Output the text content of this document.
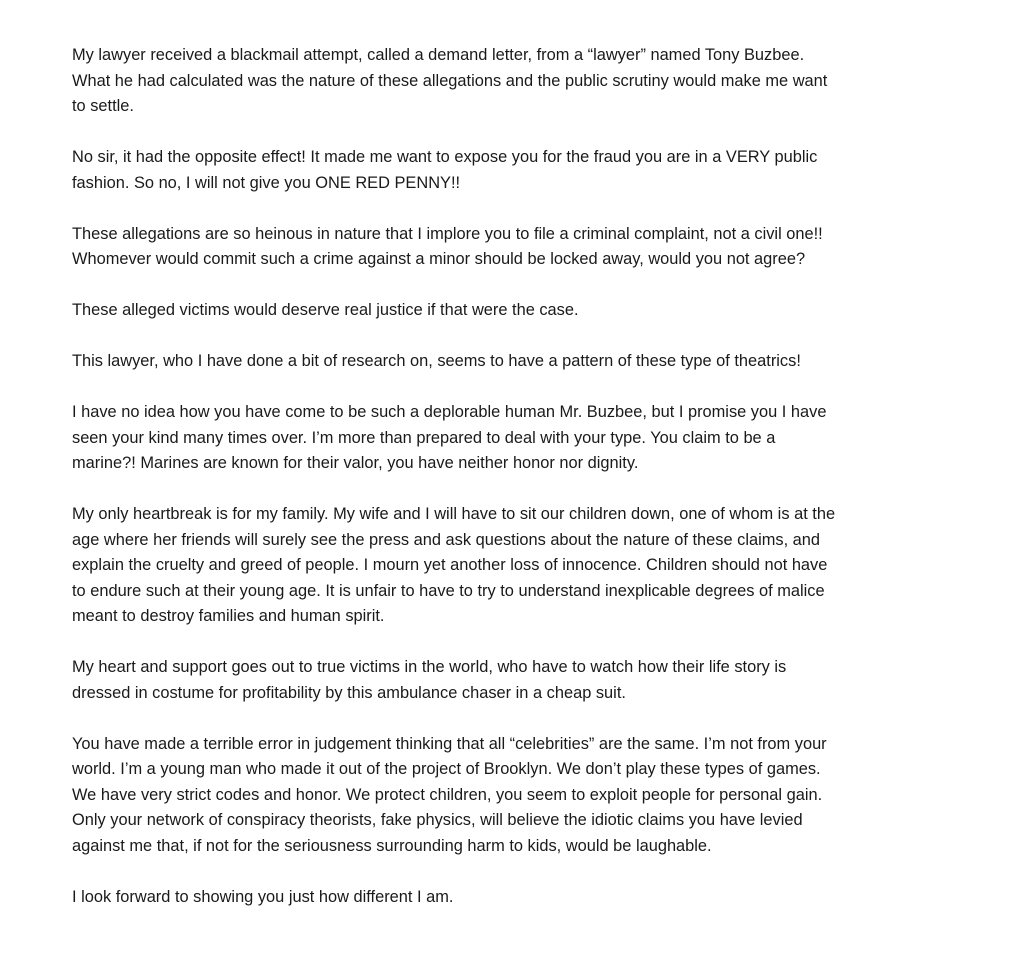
My lawyer received a blackmail attempt, called a demand letter, from a “lawyer” named Tony Buzbee.
What he had calculated was the nature of these allegations and the public scrutiny would make me want
to settle.

No sir, it had the opposite effect! It made me want to expose you for the fraud you are in a VERY public
fashion. So no, I will not give you ONE RED PENNY!!

These allegations are so heinous in nature that I implore you to file a criminal complaint, not a civil one!!
Whomever would commit such a crime against a minor should be locked away, would you not agree?

These alleged victims would deserve real justice if that were the case.

This lawyer, who I have done a bit of research on, seems to have a pattern of these type of theatrics!

I have no idea how you have come to be such a deplorable human Mr. Buzbee, but I promise you I have
seen your kind many times over. I’m more than prepared to deal with your type. You claim to be a
marine?! Marines are known for their valor, you have neither honor nor dignity.

My only heartbreak is for my family. My wife and I will have to sit our children down, one of whom is at the
age where her friends will surely see the press and ask questions about the nature of these claims, and
explain the cruelty and greed of people. I mourn yet another loss of innocence. Children should not have
to endure such at their young age. It is unfair to have to try to understand inexplicable degrees of malice
meant to destroy families and human spirit.

My heart and support goes out to true victims in the world, who have to watch how their life story is
dressed in costume for profitability by this ambulance chaser in a cheap suit.

You have made a terrible error in judgement thinking that all “celebrities” are the same. I’m not from your
world. I’m a young man who made it out of the project of Brooklyn. We don’t play these types of games.
We have very strict codes and honor. We protect children, you seem to exploit people for personal gain.
Only your network of conspiracy theorists, fake physics, will believe the idiotic claims you have levied
against me that, if not for the seriousness surrounding harm to kids, would be laughable.

I look forward to showing you just how different I am.
